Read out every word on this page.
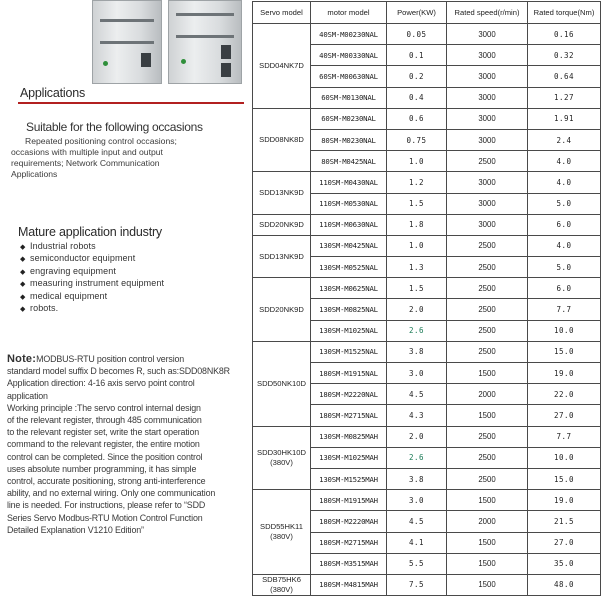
Applications
Suitable for the following occasions
Repeated positioning control occasions;
occasions with multiple input and output
requirements; Network Communication
Applications
Mature application industry
◆ Industrial robots
◆ semiconductor equipment
◆ engraving equipment
◆ measuring instrument equipment
◆ medical equipment
◆ robots.

Note:MODBUS-RTU position control version

standard model suffix D becomes R, such as:SDD08NK8R

Application direction: 4-16 axis servo point control

application

Working principle :The servo control internal design

of the relevant register, through 485 communication

to the relevant register set, write the start operation

command to the relevant register, the entire motion

control can be completed. Since the position control

uses absolute number programming, it has simple

control, accurate positioning, strong anti-interference

ability, and no external wiring. Only one communication

line is needed. For instructions, please refer to “SDD

Series Servo Modbus-RTU Motion Control Function

Detailed Explanation V1210 Edition”

Servo model	motor model	Power(KW)	Rated speed(r/min)	Rated torque(Nm)
SDD04NK7D	40SM-M00230NAL	0.05	3000	0.16
	40SM-M00330NAL	0.1	3000	0.32
	60SM-M00630NAL	0.2	3000	0.64
	60SM-M0130NAL	0.4	3000	1.27
SDD08NK8D	60SM-M0230NAL	0.6	3000	1.91
	80SM-M0230NAL	0.75	3000	2.4
	80SM-M0425NAL	1.0	2500	4.0
SDD13NK9D	110SM-M0430NAL	1.2	3000	4.0
	110SM-M0530NAL	1.5	3000	5.0
SDD20NK9D	110SM-M0630NAL	1.8	3000	6.0
SDD13NK9D	130SM-M0425NAL	1.0	2500	4.0
	130SM-M0525NAL	1.3	2500	5.0
SDD20NK9D	130SM-M0625NAL	1.5	2500	6.0
	130SM-M0825NAL	2.0	2500	7.7
	130SM-M1025NAL	2.6	2500	10.0
SDD50NK10D	130SM-M1525NAL	3.8	2500	15.0
	180SM-M1915NAL	3.0	1500	19.0
	180SM-M2220NAL	4.5	2000	22.0
	180SM-M2715NAL	4.3	1500	27.0
SDD30HK10D
(380V)	130SM-M0825MAH	2.0	2500	7.7
	130SM-M1025MAH	2.6	2500	10.0
	130SM-M1525MAH	3.8	2500	15.0
SDD55HK11
(380V)	180SM-M1915MAH	3.0	1500	19.0
	180SM-M2220MAH	4.5	2000	21.5
	180SM-M2715MAH	4.1	1500	27.0
	180SM-M3515MAH	5.5	1500	35.0
SDB75HK6
(380V)	180SM-M4815MAH	7.5	1500	48.0
